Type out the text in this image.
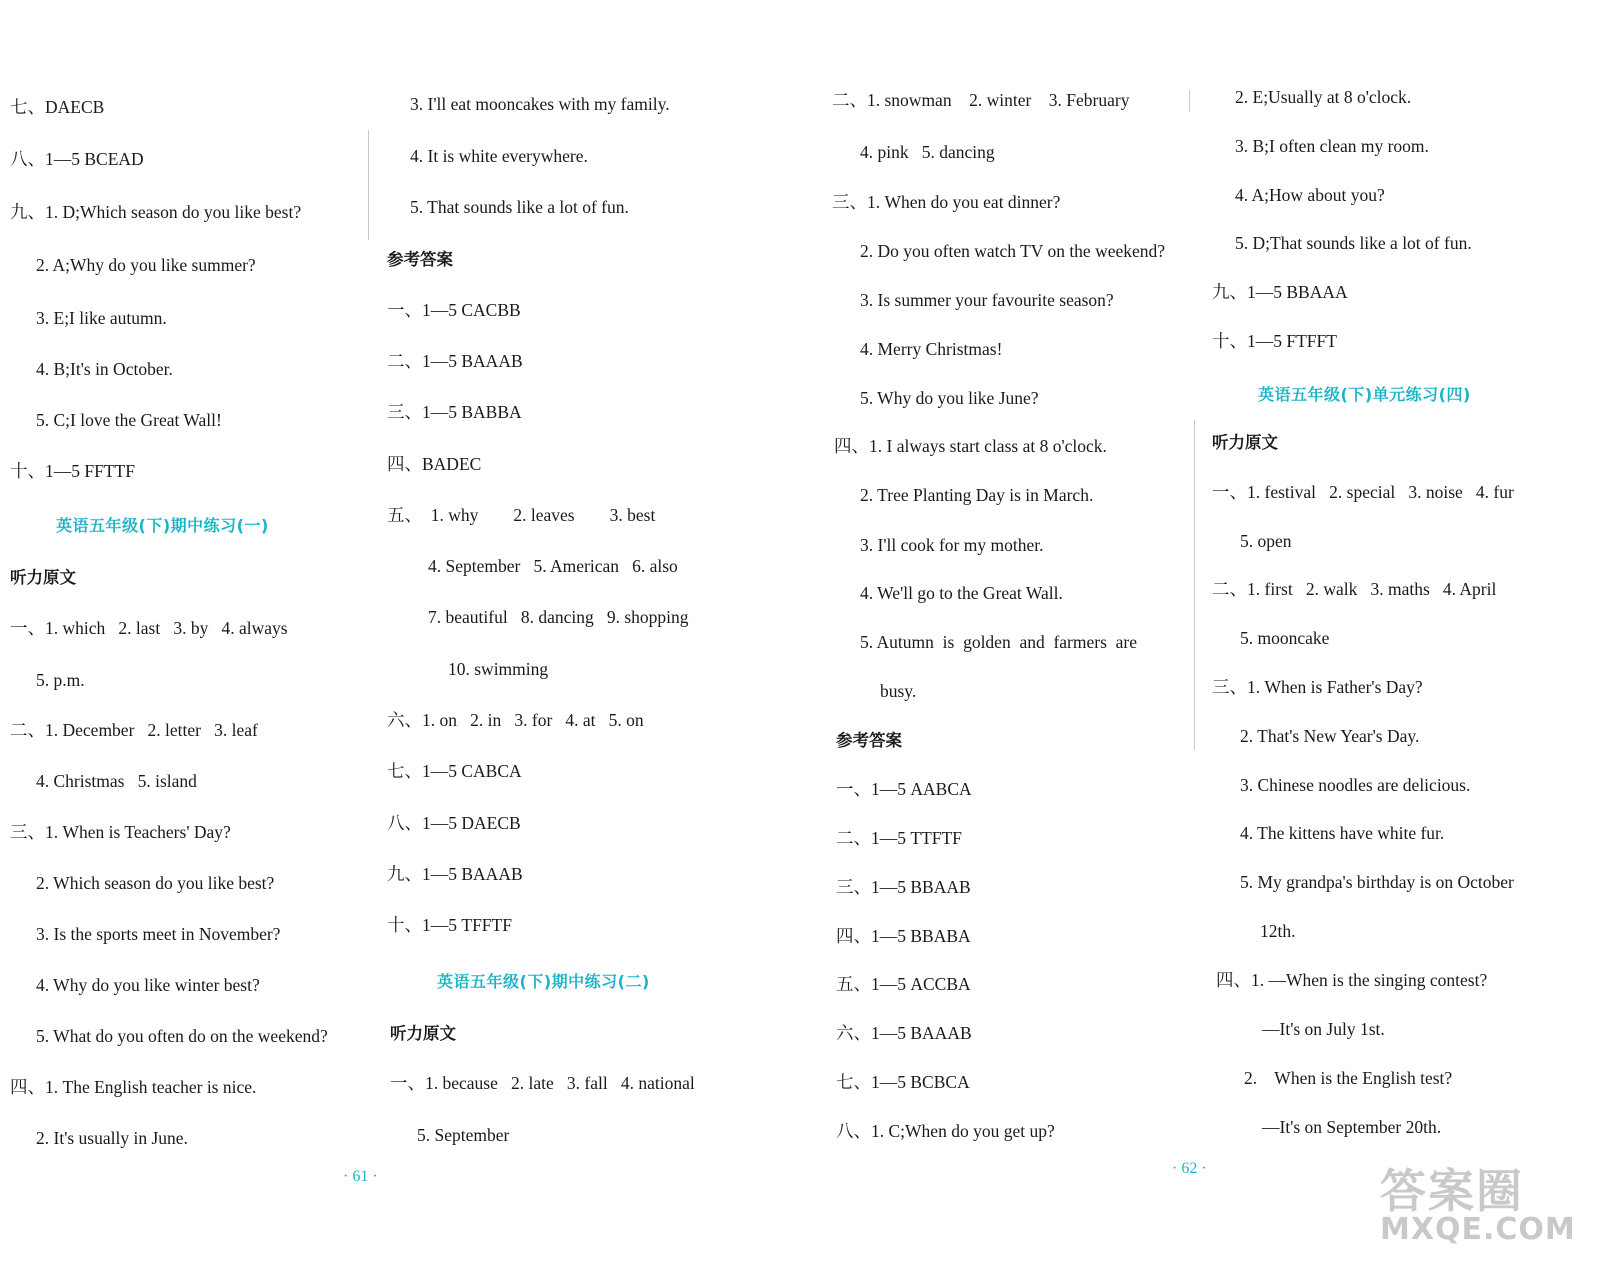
七、DAECB
八、1—5 BCEAD
九、1. D;Which season do you like best?
2. A;Why do you like summer?
3. E;I like autumn.
4. B;It's in October.
5. C;I love the Great Wall!
十、1—5 FFTTF
英语五年级(下)期中练习(一)
听力原文
一、1. which   2. last   3. by   4. always
5. p.m.
二、1. December   2. letter   3. leaf
4. Christmas   5. island
三、1. When is Teachers' Day?
2. Which season do you like best?
3. Is the sports meet in November?
4. Why do you like winter best?
5. What do you often do on the weekend?
四、1. The English teacher is nice.
2. It's usually in June.
3. I'll eat mooncakes with my family.
4. It is white everywhere.
5. That sounds like a lot of fun.
参考答案
一、1—5 CACBB
二、1—5 BAAAB
三、1—5 BABBA
四、BADEC
五、  1. why        2. leaves        3. best
4. September   5. American   6. also
7. beautiful   8. dancing   9. shopping
10. swimming
六、1. on   2. in   3. for   4. at   5. on
七、1—5 CABCA
八、1—5 DAECB
九、1—5 BAAAB
十、1—5 TFFTF
英语五年级(下)期中练习(二)
听力原文
一、1. because   2. late   3. fall   4. national
5. September
· 61 ·
二、1. snowman    2. winter    3. February
4. pink   5. dancing
三、1. When do you eat dinner?
2. Do you often watch TV on the weekend?
3. Is summer your favourite season?
4. Merry Christmas!
5. Why do you like June?
四、1. I always start class at 8 o'clock.
2. Tree Planting Day is in March.
3. I'll cook for my mother.
4. We'll go to the Great Wall.
5. Autumn  is  golden  and  farmers  are
busy.
参考答案
一、1—5 AABCA
二、1—5 TTFTF
三、1—5 BBAAB
四、1—5 BBABA
五、1—5 ACCBA
六、1—5 BAAAB
七、1—5 BCBCA
八、1. C;When do you get up?
2. E;Usually at 8 o'clock.
3. B;I often clean my room.
4. A;How about you?
5. D;That sounds like a lot of fun.
九、1—5 BBAAA
十、1—5 FTFFT
英语五年级(下)单元练习(四)
听力原文
一、1. festival   2. special   3. noise   4. fur
5. open
二、1. first   2. walk   3. maths   4. April
5. mooncake
三、1. When is Father's Day?
2. That's New Year's Day.
3. Chinese noodles are delicious.
4. The kittens have white fur.
5. My grandpa's birthday is on October
12th.
四、1. —When is the singing contest?
—It's on July 1st.
2.    When is the English test?
—It's on September 20th.
· 62 ·	答案圈
MXQE.COM
